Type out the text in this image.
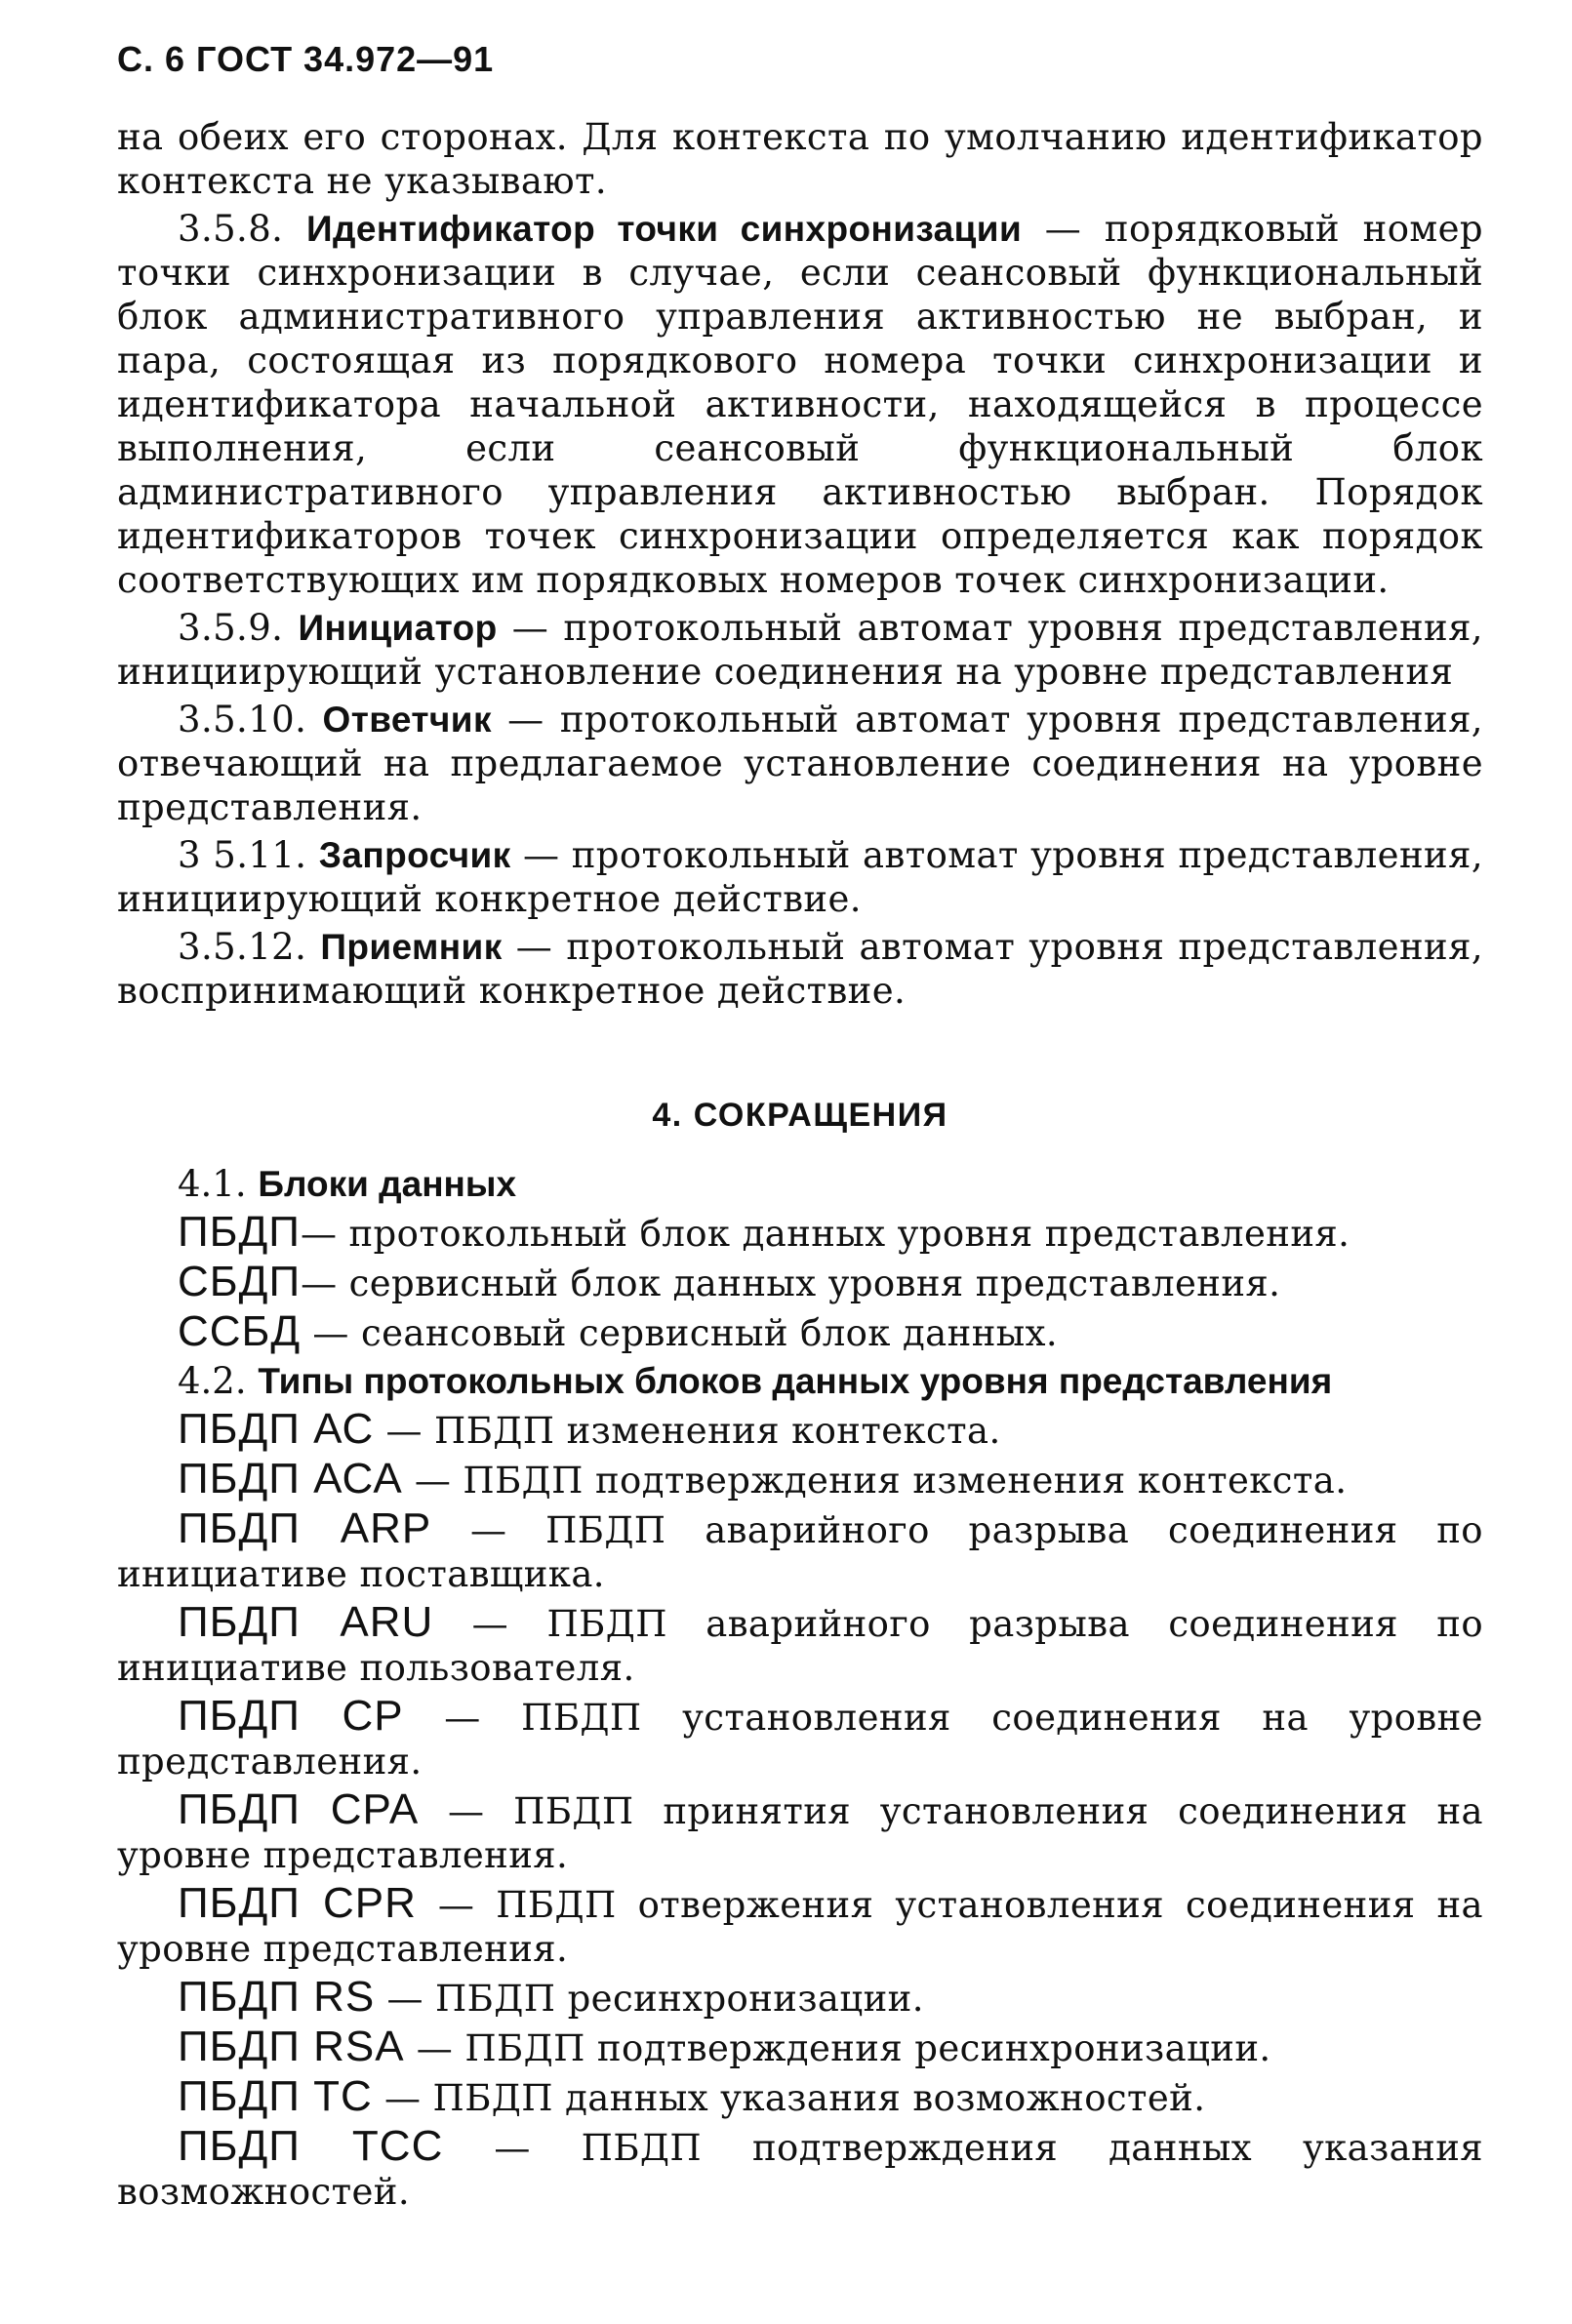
С. 6 ГОСТ 34.972—91

на обеих его сторонах. Для контекста по умолчанию идентификатор контекста не указывают.

3.5.8. Идентификатор точки синхронизации — порядковый номер точки синхронизации в случае, если сеансовый функциональный блок административного управления активностью не выбран, и пара, состоящая из порядкового номера точки синхронизации и идентификатора начальной активности, находящейся в процессе выполнения, если сеансовый функциональный блок административного управления активностью выбран. Порядок идентификаторов точек синхронизации определяется как порядок соответствующих им порядковых номеров точек синхронизации.

3.5.9. Инициатор — протокольный автомат уровня представления, инициирующий установление соединения на уровне представления

3.5.10. Ответчик — протокольный автомат уровня представления, отвечающий на предлагаемое установление соединения на уровне представления.

3 5.11. Запросчик — протокольный автомат уровня представления, инициирующий конкретное действие.

3.5.12. Приемник — протокольный автомат уровня представления, воспринимающий конкретное действие.

4. СОКРАЩЕНИЯ

4.1. Блоки данных

ПБДП— протокольный блок данных уровня представления.

СБДП— сервисный блок данных уровня представления.

ССБД — сеансовый сервисный блок данных.

4.2. Типы протокольных блоков данных уровня представления

ПБДП АС — ПБДП изменения контекста.

ПБДП АСА — ПБДП подтверждения изменения контекста.

ПБДП ARP — ПБДП аварийного разрыва соединения по инициативе поставщика.

ПБДП ARU — ПБДП аварийного разрыва соединения по инициативе пользователя.

ПБДП СР — ПБДП установления соединения на уровне представления.

ПБДП СРА — ПБДП принятия установления соединения на уровне представления.

ПБДП CPR — ПБДП отвержения установления соединения на уровне представления.

ПБДП RS — ПБДП ресинхронизации.

ПБДП RSA — ПБДП подтверждения ресинхронизации.

ПБДП ТС — ПБДП данных указания возможностей.

ПБДП ТСС — ПБДП подтверждения данных указания возможностей.
